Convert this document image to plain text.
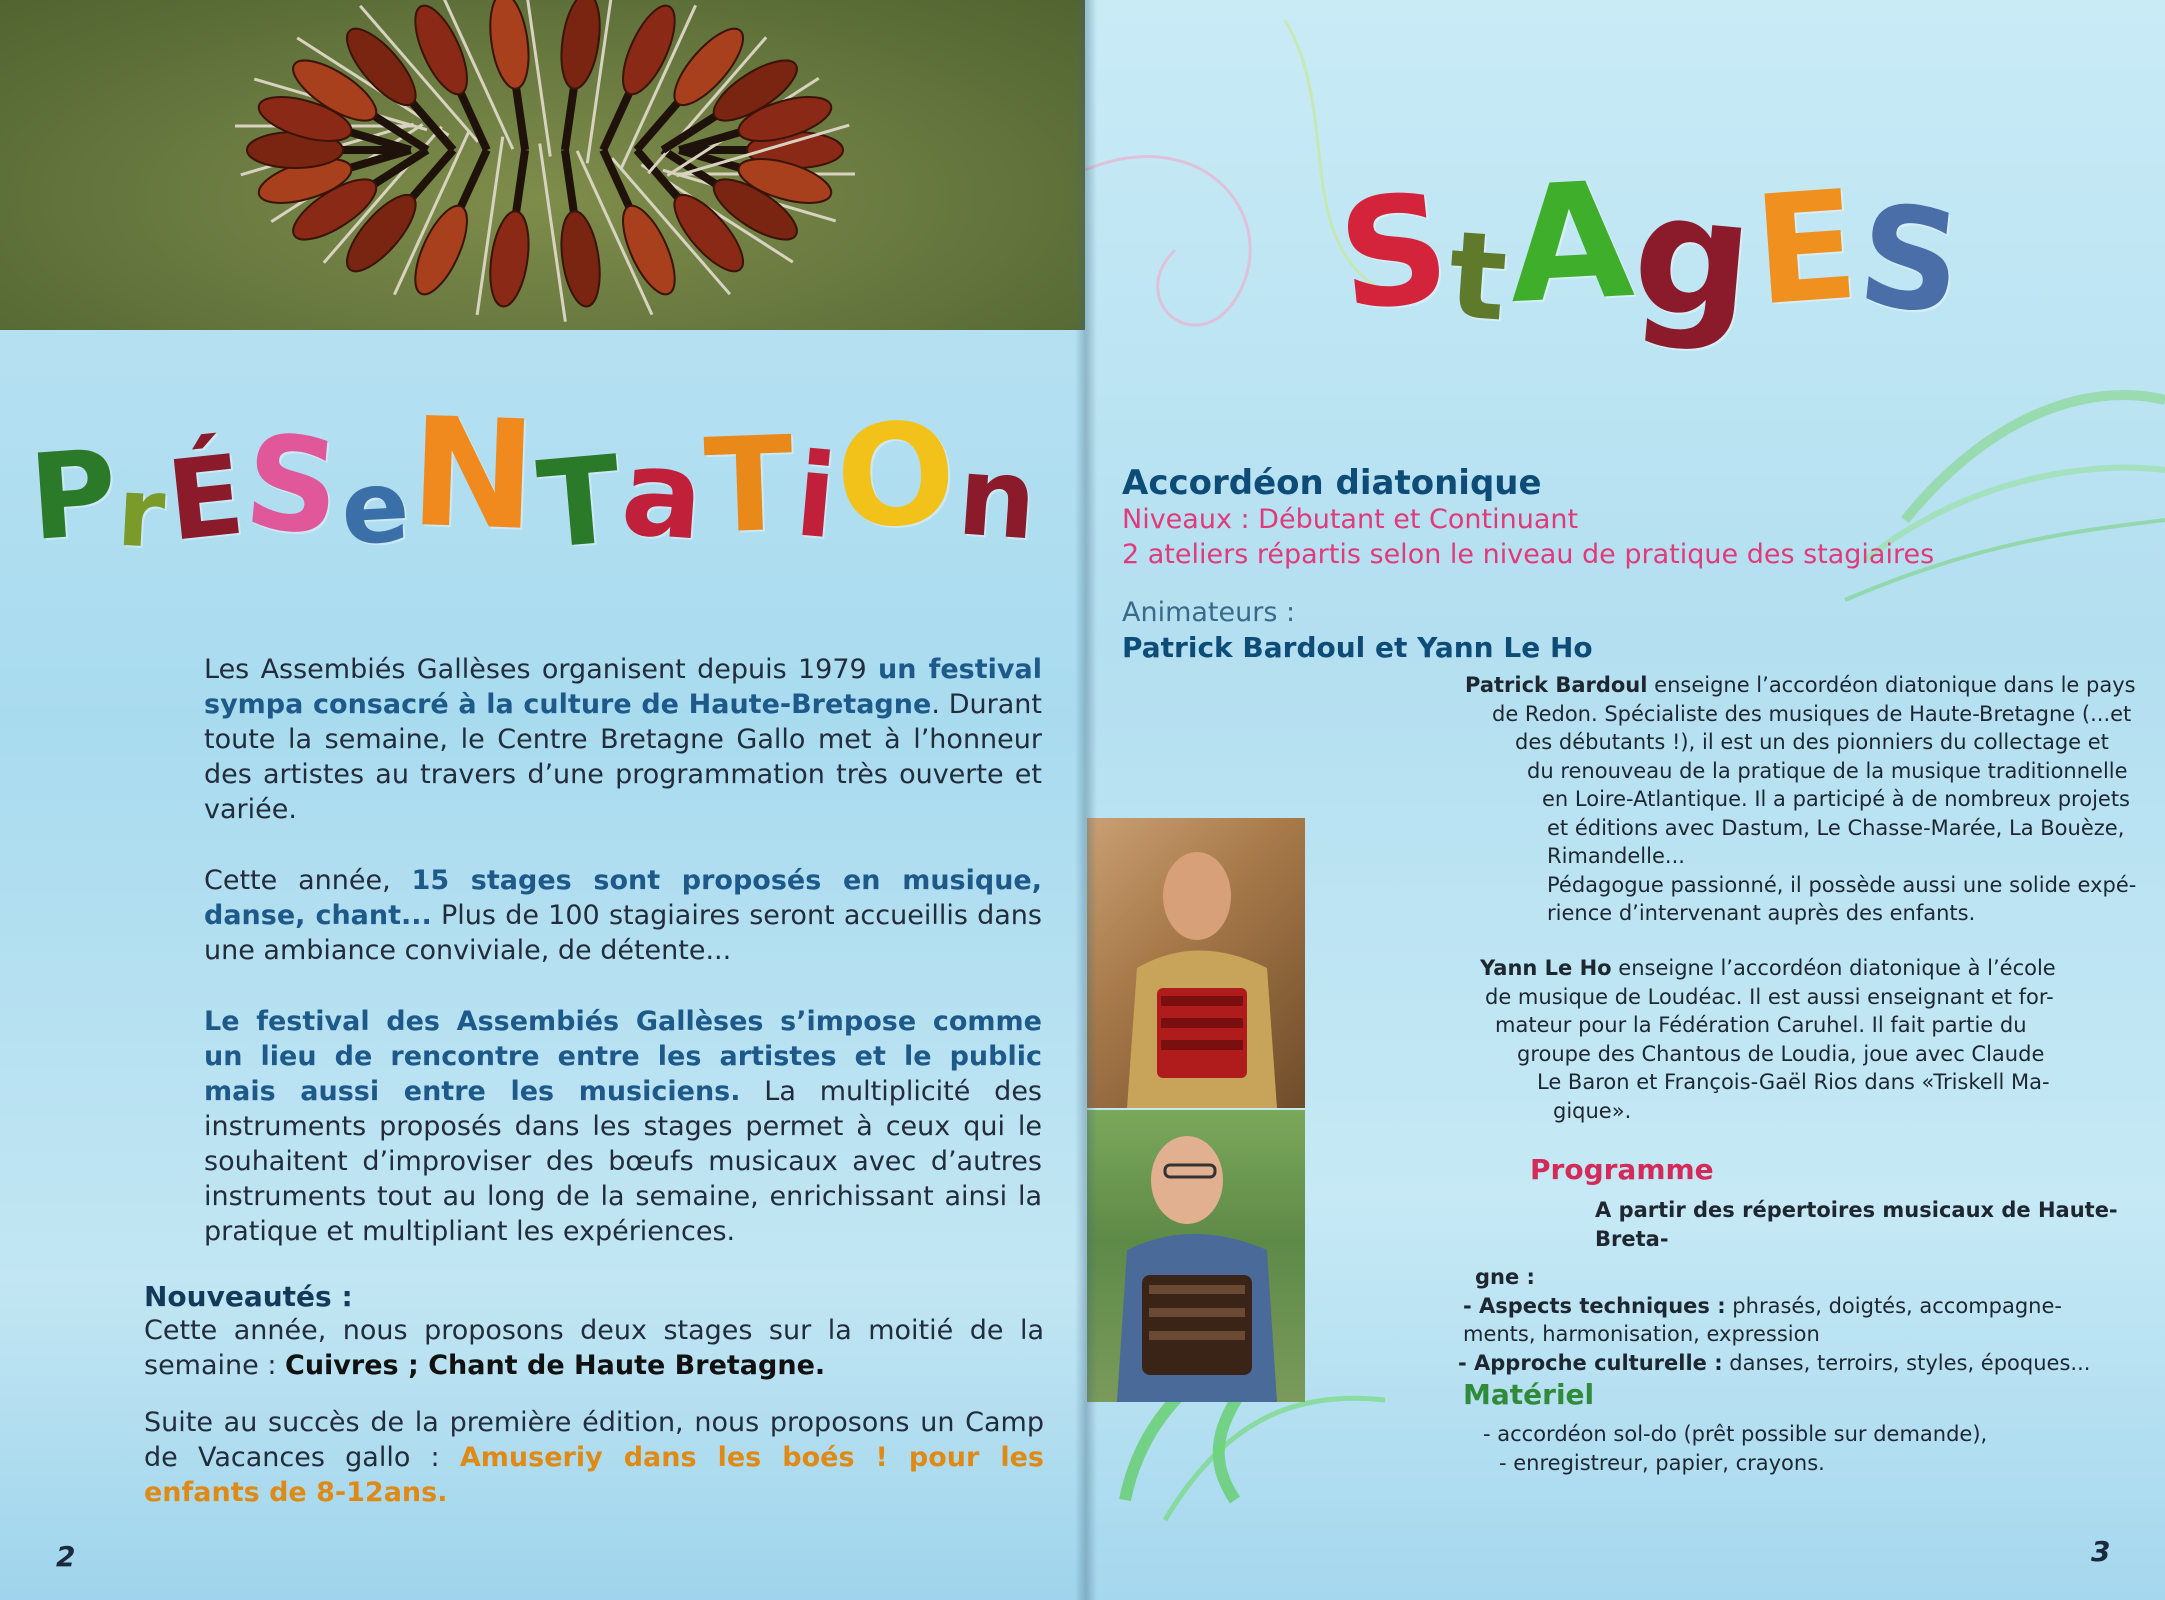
PrÉSeNTaTiOn

Les Assembiés Gallèses organisent depuis 1979 un festival sympa consacré à la culture de Haute-Bretagne. Durant toute la semaine, le Centre Bretagne Gallo met à l’honneur des artistes au travers d’une programmation très ouverte et variée.

Cette année, 15 stages sont proposés en musique, danse, chant... Plus de 100 stagiaires seront accueillis dans une ambiance conviviale, de détente...

Le festival des Assembiés Gallèses s’impose comme un lieu de rencontre entre les artistes et le public mais aussi entre les musiciens. La multiplicité des instruments proposés dans les stages permet à ceux qui le souhaitent d’improviser des bœufs musicaux avec d’autres instruments tout au long de la semaine, enrichissant ainsi la pratique et multipliant les expériences.

Nouveautés :

Cette année, nous proposons deux stages sur la moitié de la semaine : Cuivres ; Chant de Haute Bretagne.

Suite au succès de la première édition, nous proposons un Camp de Vacances gallo : Amuseriy dans les boés ! pour les enfants de 8-12ans.

2
StAgES
Accordéon diatonique
Niveaux : Débutant et Continuant
2 ateliers répartis selon le niveau de pratique des stagiaires
Animateurs :
Patrick Bardoul et Yann Le Ho
Patrick Bardoul enseigne l’accordéon diatonique dans le pays
de Redon. Spécialiste des musiques de Haute-Bretagne (...et
des débutants !), il est un des pionniers du collectage et
du renouveau de la pratique de la musique traditionnelle
en Loire-Atlantique. Il a participé à de nombreux projets
et éditions avec Dastum, Le Chasse-Marée, La Bouèze,
Rimandelle...
Pédagogue passionné, il possède aussi une solide expé-
rience d’intervenant auprès des enfants.
Yann Le Ho enseigne l’accordéon diatonique à l’école
de musique de Loudéac. Il est aussi enseignant et for-
mateur pour la Fédération Caruhel. Il fait partie du
groupe des Chantous de Loudia, joue avec Claude
Le Baron et François-Gaël Rios dans «Triskell Ma-
gique».
Programme
A partir des répertoires musicaux de Haute-Breta-
gne :
- Aspects techniques : phrasés, doigtés, accompagne-
ments, harmonisation, expression
- Approche culturelle : danses, terroirs, styles, époques...
Matériel
- accordéon sol-do (prêt possible sur demande),
- enregistreur, papier, crayons.
3
